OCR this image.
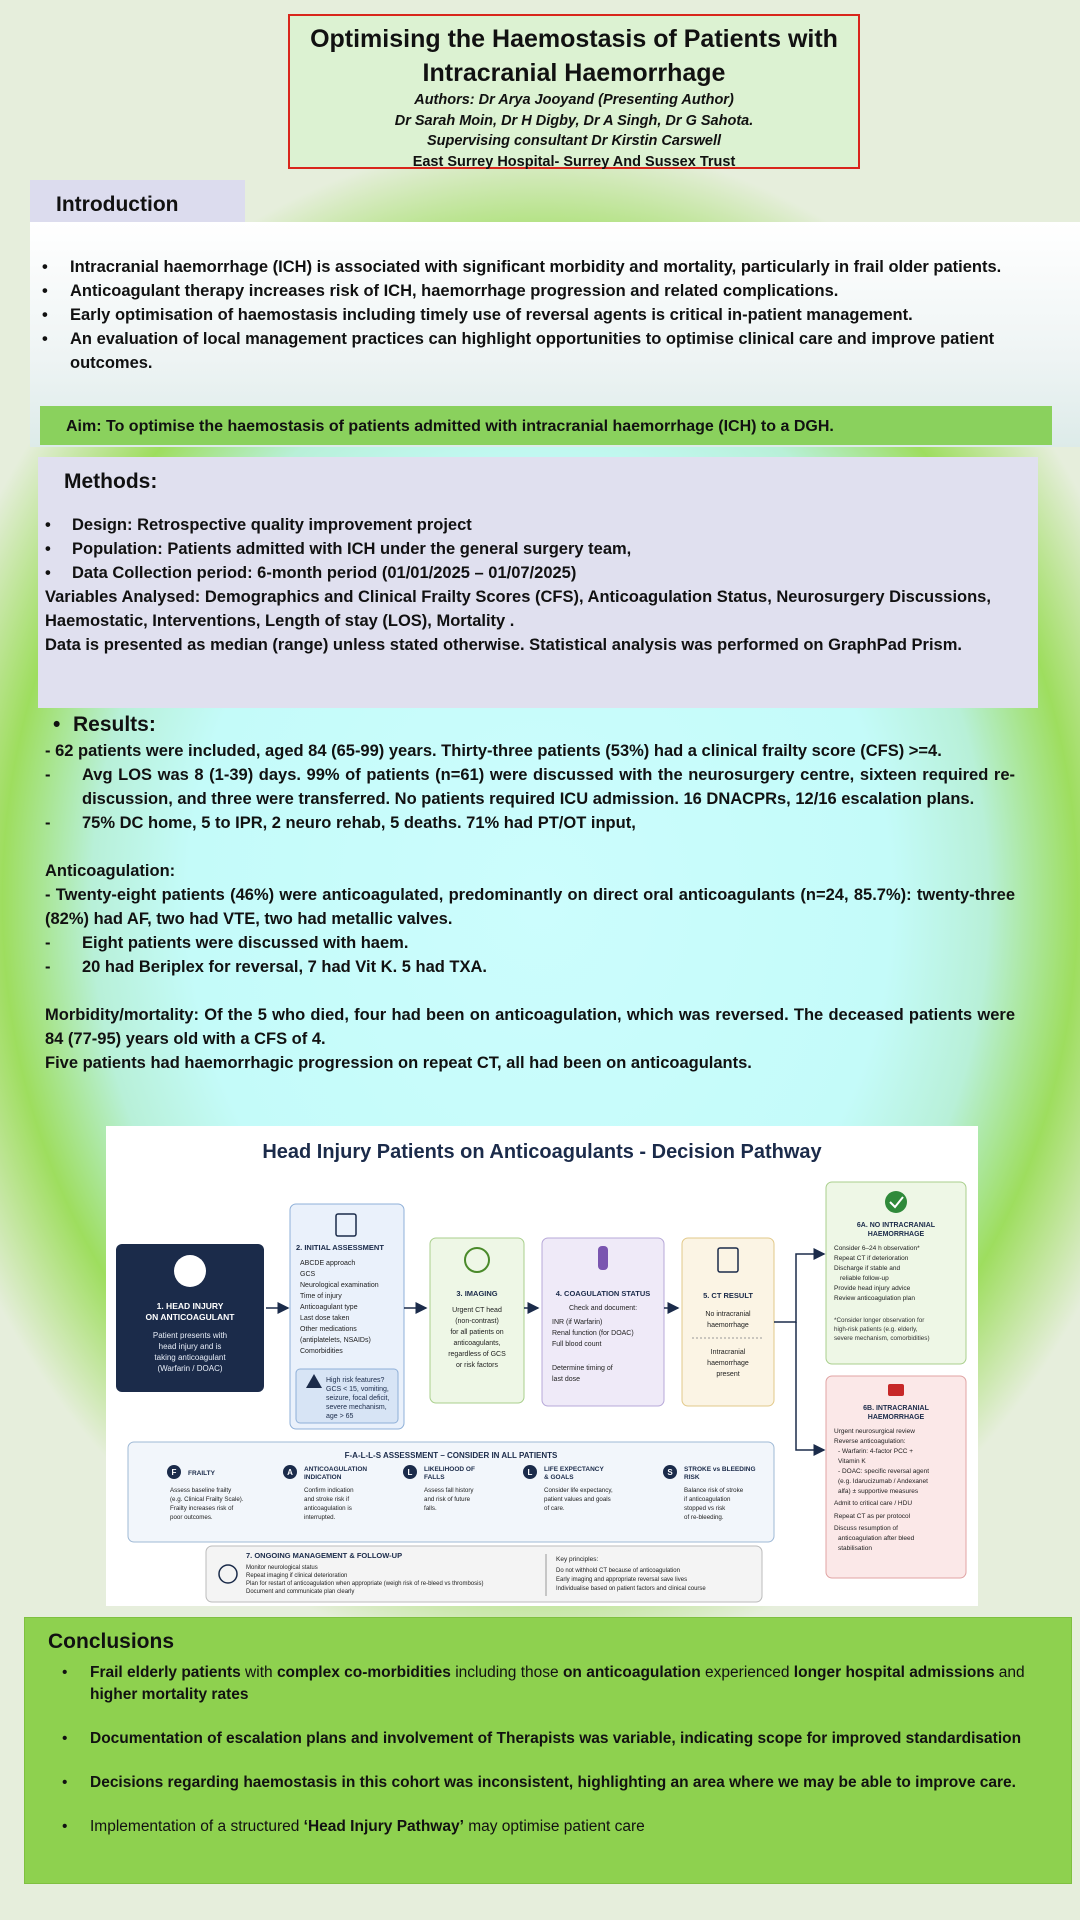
Optimising the Haemostasis of Patients with
Intracranial Haemorrhage
Authors: Dr Arya Jooyand (Presenting Author)
Dr Sarah Moin, Dr H Digby, Dr A Singh, Dr G Sahota.
Supervising consultant Dr Kirstin Carswell
East Surrey Hospital- Surrey And Sussex Trust
Introduction
• Intracranial haemorrhage (ICH) is associated with significant morbidity and mortality, particularly in frail older patients.
• Anticoagulant therapy increases risk of ICH, haemorrhage progression and related complications.
• Early optimisation of haemostasis including timely use of reversal agents is critical in-patient management.
• An evaluation of local management practices can highlight opportunities to optimise clinical care and improve patient outcomes.
Aim: To optimise the haemostasis of patients admitted with intracranial haemorrhage (ICH) to a DGH.
Methods:
• Design: Retrospective quality improvement project
• Population: Patients admitted with ICH under the general surgery team,
• Data Collection period: 6-month period (01/01/2025 – 01/07/2025)
Variables Analysed: Demographics and Clinical Frailty Scores (CFS), Anticoagulation Status, Neurosurgery Discussions, Haemostatic, Interventions, Length of stay (LOS), Mortality .
Data is presented as median (range) unless stated otherwise. Statistical analysis was performed on GraphPad Prism.
• Results:
- 62 patients were included, aged 84 (65-99) years. Thirty-three patients (53%) had a clinical frailty score (CFS) >=4.
- Avg LOS was 8 (1-39) days. 99% of patients (n=61) were discussed with the neurosurgery centre, sixteen required re-discussion, and three were transferred. No patients required ICU admission. 16 DNACPRs, 12/16 escalation plans.
- 75% DC home, 5 to IPR, 2 neuro rehab, 5 deaths. 71% had PT/OT input,
Anticoagulation:
- Twenty-eight patients (46%) were anticoagulated, predominantly on direct oral anticoagulants (n=24, 85.7%): twenty-three (82%) had AF, two had VTE, two had metallic valves.
- Eight patients were discussed with haem.
- 20 had Beriplex for reversal, 7 had Vit K. 5 had TXA.
Morbidity/mortality: Of the 5 who died, four had been on anticoagulation, which was reversed. The deceased patients were 84 (77-95) years old with a CFS of 4.
Five patients had haemorrhagic progression on repeat CT, all had been on anticoagulants.
Head Injury Patients on Anticoagulants - Decision Pathway
1. HEAD INJURY
ON ANTICOAGULANT
Patient presents with
head injury and is
taking anticoagulant
(Warfarin / DOAC)
2. INITIAL ASSESSMENT
ABCDE approach
GCS
Neurological examination
Time of injury
Anticoagulant type
Last dose taken
Other medications
(antiplatelets, NSAIDs)
Comorbidities
High risk features?
GCS < 15, vomiting,
seizure, focal deficit,
severe mechanism,
age > 65
3. IMAGING
Urgent CT head
(non-contrast)
for all patients on
anticoagulants,
regardless of GCS
or risk factors
4. COAGULATION STATUS
Check and document:
INR (if Warfarin)
Renal function (for DOAC)
Full blood count
Determine timing of
last dose
5. CT RESULT
No intracranial
haemorrhage
Intracranial
haemorrhage
present
6A. NO INTRACRANIAL
HAEMORRHAGE
Consider 6–24 h observation*
Repeat CT if deterioration
Discharge if stable and
reliable follow-up
Provide head injury advice
Review anticoagulation plan
*Consider longer observation for
high-risk patients (e.g. elderly,
severe mechanism, comorbidities)
6B. INTRACRANIAL
HAEMORRHAGE
Urgent neurosurgical review
Reverse anticoagulation:
- Warfarin: 4-factor PCC +
Vitamin K
- DOAC: specific reversal agent
(e.g. Idarucizumab / Andexanet
alfa) ± supportive measures
Admit to critical care / HDU
Repeat CT as per protocol
Discuss resumption of
anticoagulation after bleed
stabilisation
F-A-L-L-S ASSESSMENT – CONSIDER IN ALL PATIENTS
F FRAILTY
Assess baseline frailty
(e.g. Clinical Frailty Scale).
Frailty increases risk of
poor outcomes.
A ANTICOAGULATION
INDICATION
Confirm indication
and stroke risk if
anticoagulation is
interrupted.
L LIKELIHOOD OF
FALLS
Assess fall history
and risk of future
falls.
L LIFE EXPECTANCY
& GOALS
Consider life expectancy,
patient values and goals
of care.
S STROKE vs BLEEDING
RISK
Balance risk of stroke
if anticoagulation
stopped vs risk
of re-bleeding.
7. ONGOING MANAGEMENT & FOLLOW-UP
Monitor neurological status
Repeat imaging if clinical deterioration
Plan for restart of anticoagulation when appropriate (weigh risk of re-bleed vs thrombosis)
Document and communicate plan clearly
Key principles:
Do not withhold CT because of anticoagulation
Early imaging and appropriate reversal save lives
Individualise based on patient factors and clinical course
Conclusions
• Frail elderly patients with complex co-morbidities including those on anticoagulation experienced longer hospital admissions and higher mortality rates
• Documentation of escalation plans and involvement of Therapists was variable, indicating scope for improved standardisation
• Decisions regarding haemostasis in this cohort was inconsistent, highlighting an area where we may be able to improve care.
• Implementation of a structured ‘Head Injury Pathway’ may optimise patient care
